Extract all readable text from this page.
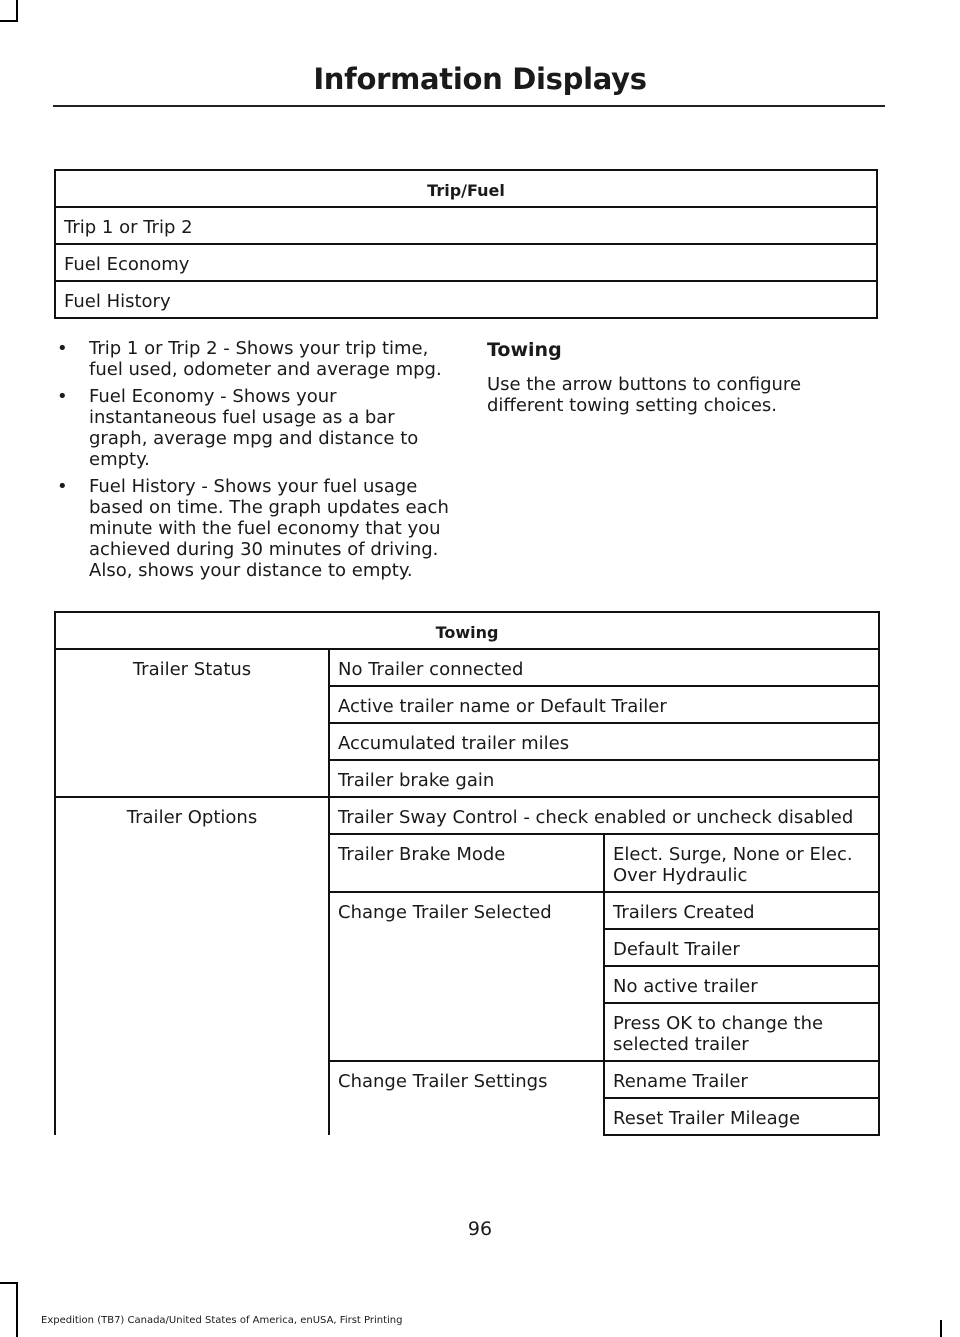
Information Displays
Trip/Fuel
Trip 1 or Trip 2
Fuel Economy
Fuel History
• Trip 1 or Trip 2 - Shows your trip time, fuel used, odometer and average mpg.
• Fuel Economy - Shows your instantaneous fuel usage as a bar graph, average mpg and distance to empty.
• Fuel History - Shows your fuel usage based on time. The graph updates each minute with the fuel economy that you achieved during 30 minutes of driving. Also, shows your distance to empty.
Towing

Use the arrow buttons to configure different towing setting choices.

Towing		
Trailer Status	No Trailer connected	
	Active trailer name or Default Trailer	
	Accumulated trailer miles	
	Trailer brake gain	
Trailer Options	Trailer Sway Control - check enabled or uncheck disabled	
	Trailer Brake Mode	Elect. Surge, None or Elec. Over Hydraulic
	Change Trailer Selected	Trailers Created
		Default Trailer
		No active trailer
		Press OK to change the selected trailer
	Change Trailer Settings	Rename Trailer
		Reset Trailer Mileage
96
Expedition (TB7) Canada/United States of America, enUSA, First Printing
